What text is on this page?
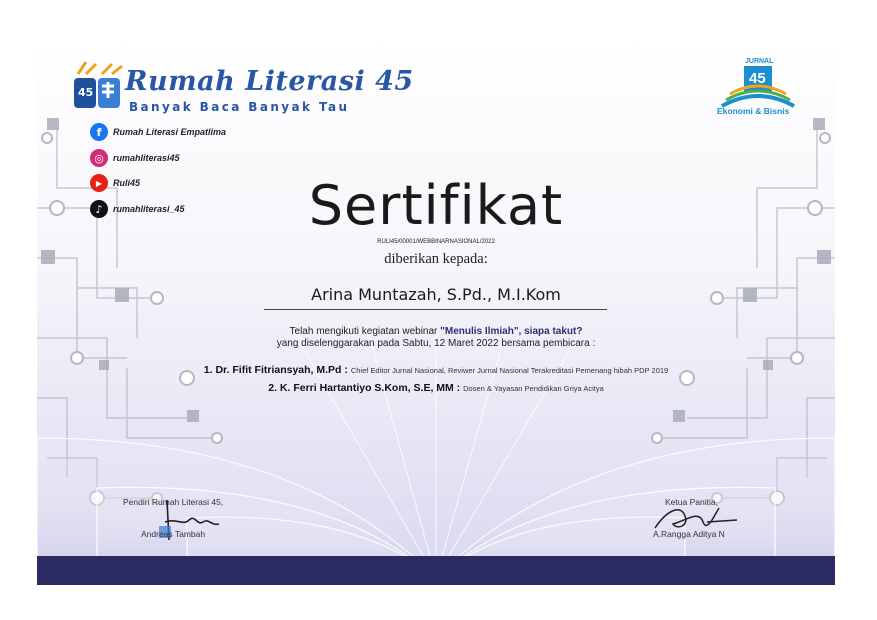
45 Rumah Literasi 45
Banyak Baca Banyak Tau
f	Rumah Literasi Empatlima
◎	rumahliterasi45
▶	Ruli45
♪	rumahliterasi_45
JURNAL
45
Ekonomi & Bisnis
Sertifikat
RULI45/00001/WEBBINARNASIONAL/2022
diberikan kepada:
Arina Muntazah, S.Pd., M.I.Kom
Telah mengikuti kegiatan webinar "Menulis Ilmiah", siapa takut?
yang diselenggarakan pada Sabtu, 12 Maret 2022 bersama pembicara :
1. Dr. Fifit Fitriansyah, M.Pd : Chief Editor Jurnal Nasional, Reviwer Jurnal Nasional Terakreditasi Pemenang hibah PDP 2019
2. K. Ferri Hartantiyo S.Kom, S.E, MM : Dosen & Yayasan Pendidikan Griya Acitya
Pendiri Rumah Literasi 45,
Andreas Tambah
Ketua Panitia,
A.Rangga Aditya N
